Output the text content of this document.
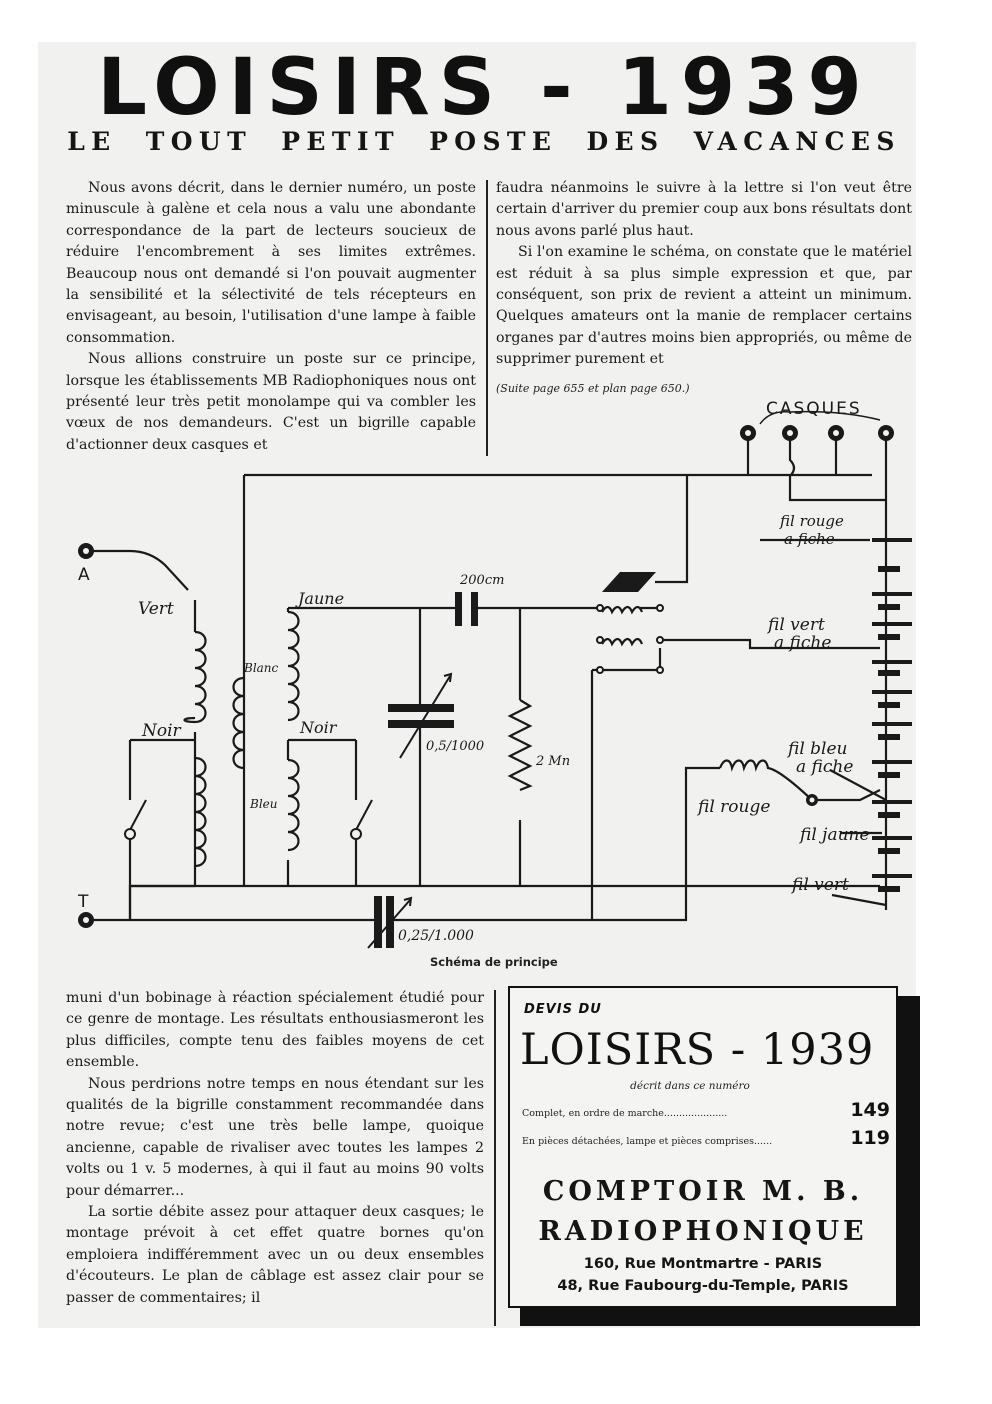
LOISIRS - 1939
LE TOUT PETIT POSTE DES VACANCES

Nous avons décrit, dans le dernier numéro, un poste minuscule à galène et cela nous a valu une abondante correspondance de la part de lecteurs soucieux de réduire l'encombrement à ses limites extrêmes. Beaucoup nous ont demandé si l'on pouvait augmenter la sensibilité et la sélectivité de tels récepteurs en envisageant, au besoin, l'utilisation d'une lampe à faible consommation.

Nous allions construire un poste sur ce principe, lorsque les établissements MB Radiophoniques nous ont présenté leur très petit monolampe qui va combler les vœux de nos demandeurs. C'est un bigrille capable d'actionner deux casques et

faudra néanmoins le suivre à la lettre si l'on veut être certain d'arriver du premier coup aux bons résultats dont nous avons parlé plus haut.

Si l'on examine le schéma, on constate que le matériel est réduit à sa plus simple expression et que, par conséquent, son prix de revient a atteint un minimum. Quelques amateurs ont la manie de remplacer certains organes par d'autres moins bien appropriés, ou même de supprimer purement et

(Suite page 655 et plan page 650.)
CASQUES
A
T
Vert
Noir
Jaune
Blanc
Noir
Bleu
200cm
0,5/1000
2 Mn
0,25/1.000
fil rouge
a fiche
fil vert
a fiche
fil bleu
a fiche
fil rouge
fil jaune
fil vert
Schéma de principe

muni d'un bobinage à réaction spécialement étudié pour ce genre de montage. Les résultats enthousiasmeront les plus difficiles, compte tenu des faibles moyens de cet ensemble.

Nous perdrions notre temps en nous étendant sur les qualités de la bigrille constamment recommandée dans notre revue; c'est une très belle lampe, quoique ancienne, capable de rivaliser avec toutes les lampes 2 volts ou 1 v. 5 modernes, à qui il faut au moins 90 volts pour démarrer...

La sortie débite assez pour attaquer deux casques; le montage prévoit à cet effet quatre bornes qu'on emploiera indifféremment avec un ou deux ensembles d'écouteurs. Le plan de câblage est assez clair pour se passer de commentaires; il

DEVIS DU
LOISIRS - 1939
décrit dans ce numéro
Complet, en ordre de marche.....................	149
En pièces détachées, lampe et pièces comprises......	119
COMPTOIR M. B.
RADIOPHONIQUE
160, Rue Montmartre - PARIS
48, Rue Faubourg-du-Temple, PARIS
